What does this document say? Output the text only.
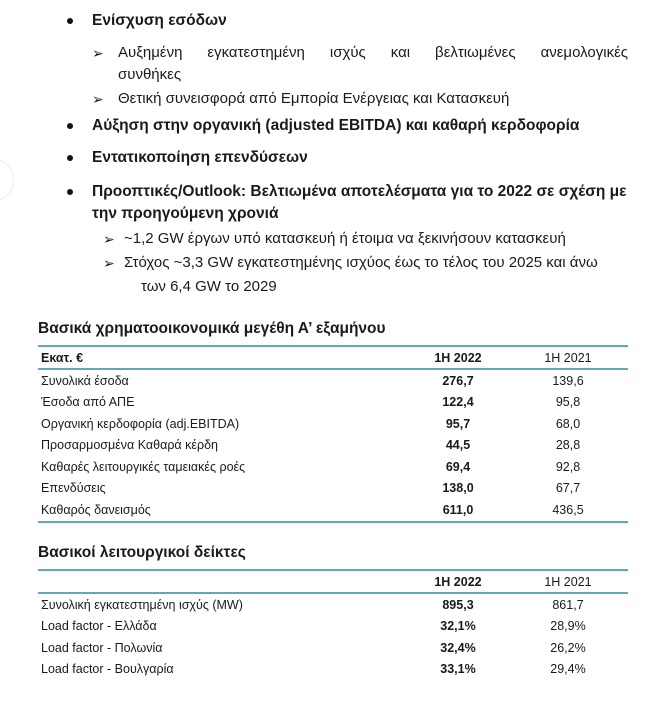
Ενίσχυση εσόδων
➢ Αυξημένη εγκατεστημένη ισχύς και βελτιωμένες ανεμολογικές
συνθήκες
➢ Θετική συνεισφορά από Εμπορία Ενέργειας και Κατασκευή
Αύξηση στην οργανική (adjusted EBITDA) και καθαρή κερδοφορία
Εντατικοποίηση επενδύσεων
Προοπτικές/Outlook: Βελτιωμένα αποτελέσματα για το 2022 σε σχέση με
την προηγούμενη χρονιά
➢ ~1,2 GW έργων υπό κατασκευή ή έτοιμα να ξεκινήσουν κατασκευή
➢ Στόχος ~3,3 GW εγκατεστημένης ισχύος έως το τέλος του 2025 και άνω
των 6,4 GW το 2029
Βασικά χρηματοοικονομικά μεγέθη Α’ εξαμήνου
Εκατ. €	1H 2022	1H 2021
Συνολικά έσοδα	276,7	139,6
Έσοδα από ΑΠΕ	122,4	95,8
Οργανική κερδοφορία (adj.EBITDA)	95,7	68,0
Προσαρμοσμένα Καθαρά κέρδη	44,5	28,8
Καθαρές λειτουργικές ταμειακές ροές	69,4	92,8
Επενδύσεις	138,0	67,7
Καθαρός δανεισμός	611,0	436,5
Βασικοί λειτουργικοί δείκτες
	1H 2022	1H 2021
Συνολική εγκατεστημένη ισχύς (MW)	895,3	861,7
Load factor - Ελλάδα	32,1%	28,9%
Load factor - Πολωνία	32,4%	26,2%
Load factor - Βουλγαρία	33,1%	29,4%
